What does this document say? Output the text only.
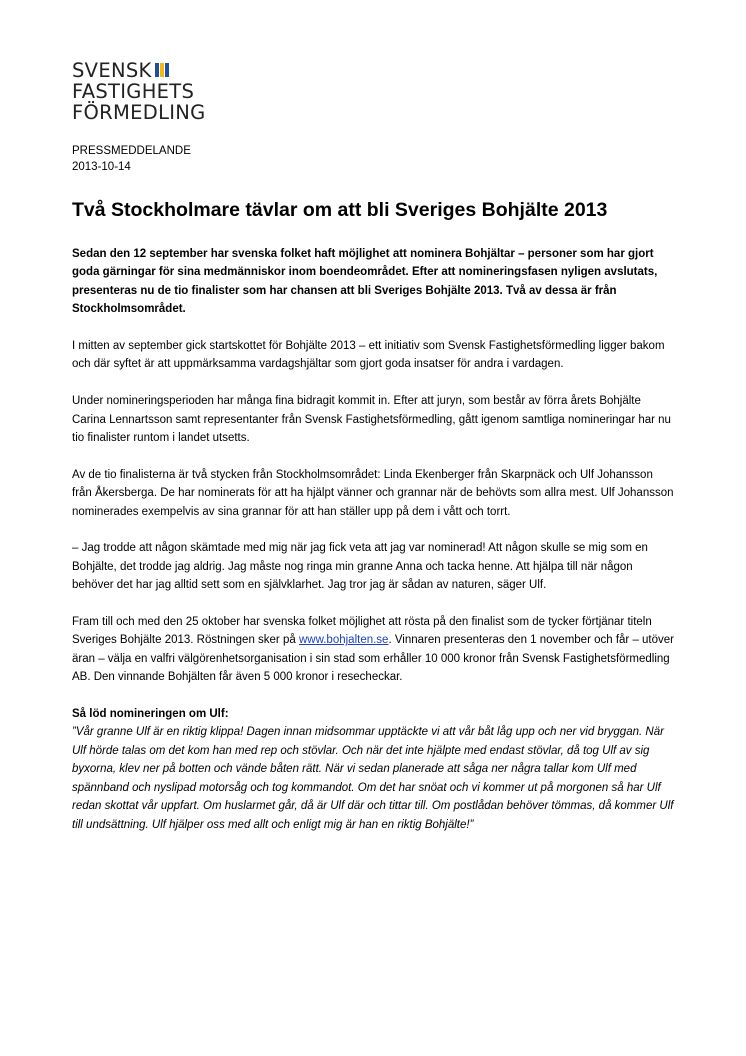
SVENSK
FASTIGHETS
FÖRMEDLING
PRESSMEDDELANDE
2013-10-14
Två Stockholmare tävlar om att bli Sveriges Bohjälte 2013

Sedan den 12 september har svenska folket haft möjlighet att nominera Bohjältar – personer som har gjort goda gärningar för sina medmänniskor inom boendeområdet. Efter att nomineringsfasen nyligen avslutats, presenteras nu de tio finalister som har chansen att bli Sveriges Bohjälte 2013. Två av dessa är från Stockholmsområdet.

I mitten av september gick startskottet för Bohjälte 2013 – ett initiativ som Svensk Fastighetsförmedling ligger bakom och där syftet är att uppmärksamma vardagshjältar som gjort goda insatser för andra i vardagen.

Under nomineringsperioden har många fina bidragit kommit in. Efter att juryn, som består av förra årets Bohjälte Carina Lennartsson samt representanter från Svensk Fastighetsförmedling, gått igenom samtliga nomineringar har nu tio finalister runtom i landet utsetts.

Av de tio finalisterna är två stycken från Stockholmsområdet: Linda Ekenberger från Skarpnäck och Ulf Johansson från Åkersberga. De har nominerats för att ha hjälpt vänner och grannar när de behövts som allra mest. Ulf Johansson nominerades exempelvis av sina grannar för att han ställer upp på dem i vått och torrt.

– Jag trodde att någon skämtade med mig när jag fick veta att jag var nominerad! Att någon skulle se mig som en Bohjälte, det trodde jag aldrig. Jag måste nog ringa min granne Anna och tacka henne. Att hjälpa till när någon behöver det har jag alltid sett som en självklarhet. Jag tror jag är sådan av naturen, säger Ulf.

Fram till och med den 25 oktober har svenska folket möjlighet att rösta på den finalist som de tycker förtjänar titeln Sveriges Bohjälte 2013. Röstningen sker på www.bohjalten.se. Vinnaren presenteras den 1 november och får – utöver äran – välja en valfri välgörenhetsorganisation i sin stad som erhåller 10 000 kronor från Svensk Fastighetsförmedling AB. Den vinnande Bohjälten får även 5 000 kronor i resecheckar.

Så löd nomineringen om Ulf:
”Vår granne Ulf är en riktig klippa! Dagen innan midsommar upptäckte vi att vår båt låg upp och ner vid bryggan. När Ulf hörde talas om det kom han med rep och stövlar. Och när det inte hjälpte med endast stövlar, då tog Ulf av sig byxorna, klev ner på botten och vände båten rätt. När vi sedan planerade att såga ner några tallar kom Ulf med spännband och nyslipad motorsåg och tog kommandot. Om det har snöat och vi kommer ut på morgonen så har Ulf redan skottat vår uppfart. Om huslarmet går, då är Ulf där och tittar till. Om postlådan behöver tömmas, då kommer Ulf till undsättning. Ulf hjälper oss med allt och enligt mig är han en riktig Bohjälte!”
